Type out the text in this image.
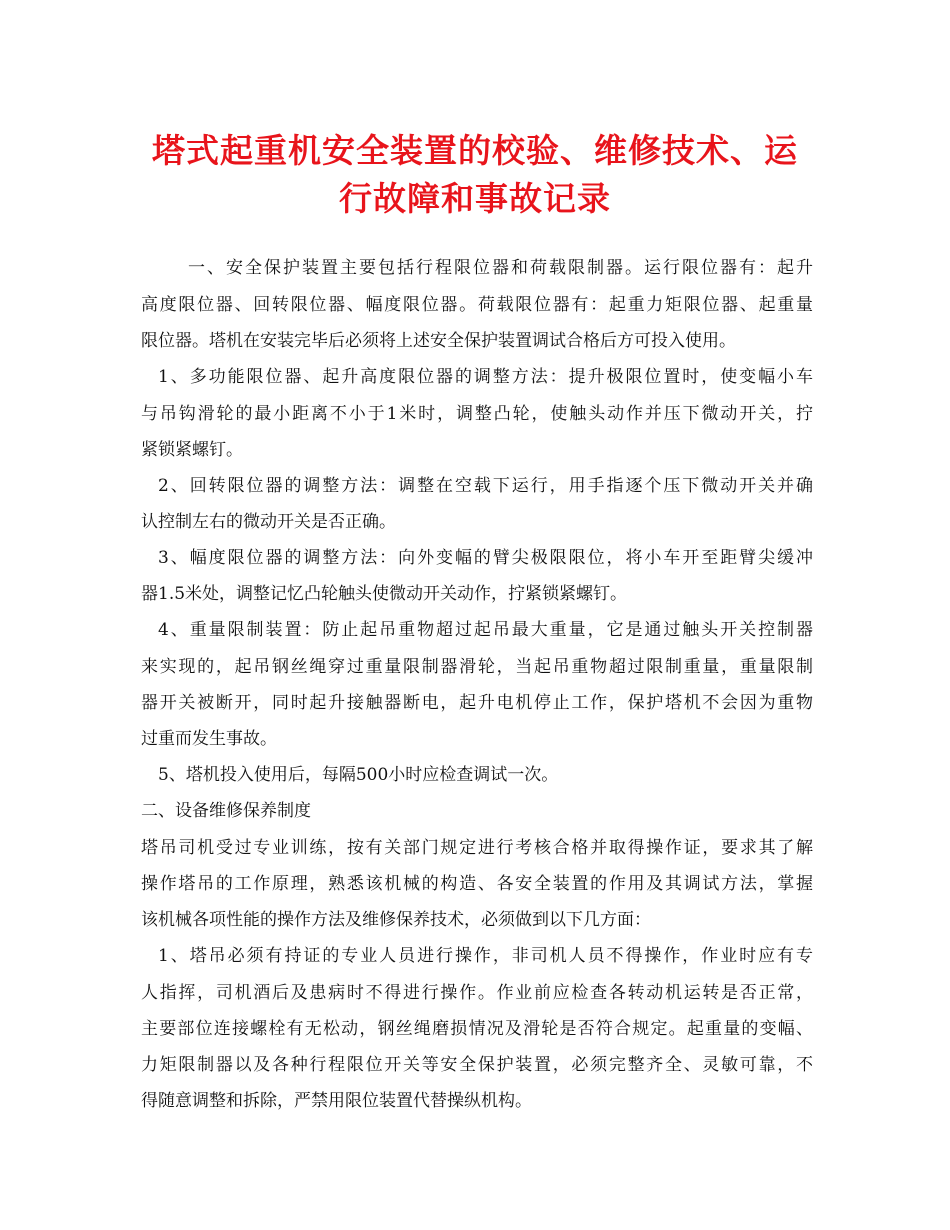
塔式起重机安全装置的校验、维修技术、运
行故障和事故记录
一、安全保护装置主要包括行程限位器和荷载限制器。运行限位器有：起升
高度限位器、回转限位器、幅度限位器。荷载限位器有：起重力矩限位器、起重量
限位器。塔机在安装完毕后必须将上述安全保护装置调试合格后方可投入使用。
1、多功能限位器、起升高度限位器的调整方法：提升极限位置时，使变幅小车
与吊钩滑轮的最小距离不小于1米时，调整凸轮，使触头动作并压下微动开关，拧
紧锁紧螺钉。
2、回转限位器的调整方法：调整在空载下运行，用手指逐个压下微动开关并确
认控制左右的微动开关是否正确。
3、幅度限位器的调整方法：向外变幅的臂尖极限限位，将小车开至距臂尖缓冲
器1.5米处，调整记忆凸轮触头使微动开关动作，拧紧锁紧螺钉。
4、重量限制装置：防止起吊重物超过起吊最大重量，它是通过触头开关控制器
来实现的，起吊钢丝绳穿过重量限制器滑轮，当起吊重物超过限制重量，重量限制
器开关被断开，同时起升接触器断电，起升电机停止工作，保护塔机不会因为重物
过重而发生事故。
5、塔机投入使用后，每隔500小时应检查调试一次。
二、设备维修保养制度
塔吊司机受过专业训练，按有关部门规定进行考核合格并取得操作证，要求其了解
操作塔吊的工作原理，熟悉该机械的构造、各安全装置的作用及其调试方法，掌握
该机械各项性能的操作方法及维修保养技术，必须做到以下几方面：
1、塔吊必须有持证的专业人员进行操作，非司机人员不得操作，作业时应有专
人指挥，司机酒后及患病时不得进行操作。作业前应检查各转动机运转是否正常，
主要部位连接螺栓有无松动，钢丝绳磨损情况及滑轮是否符合规定。起重量的变幅、
力矩限制器以及各种行程限位开关等安全保护装置，必须完整齐全、灵敏可靠，不
得随意调整和拆除，严禁用限位装置代替操纵机构。
